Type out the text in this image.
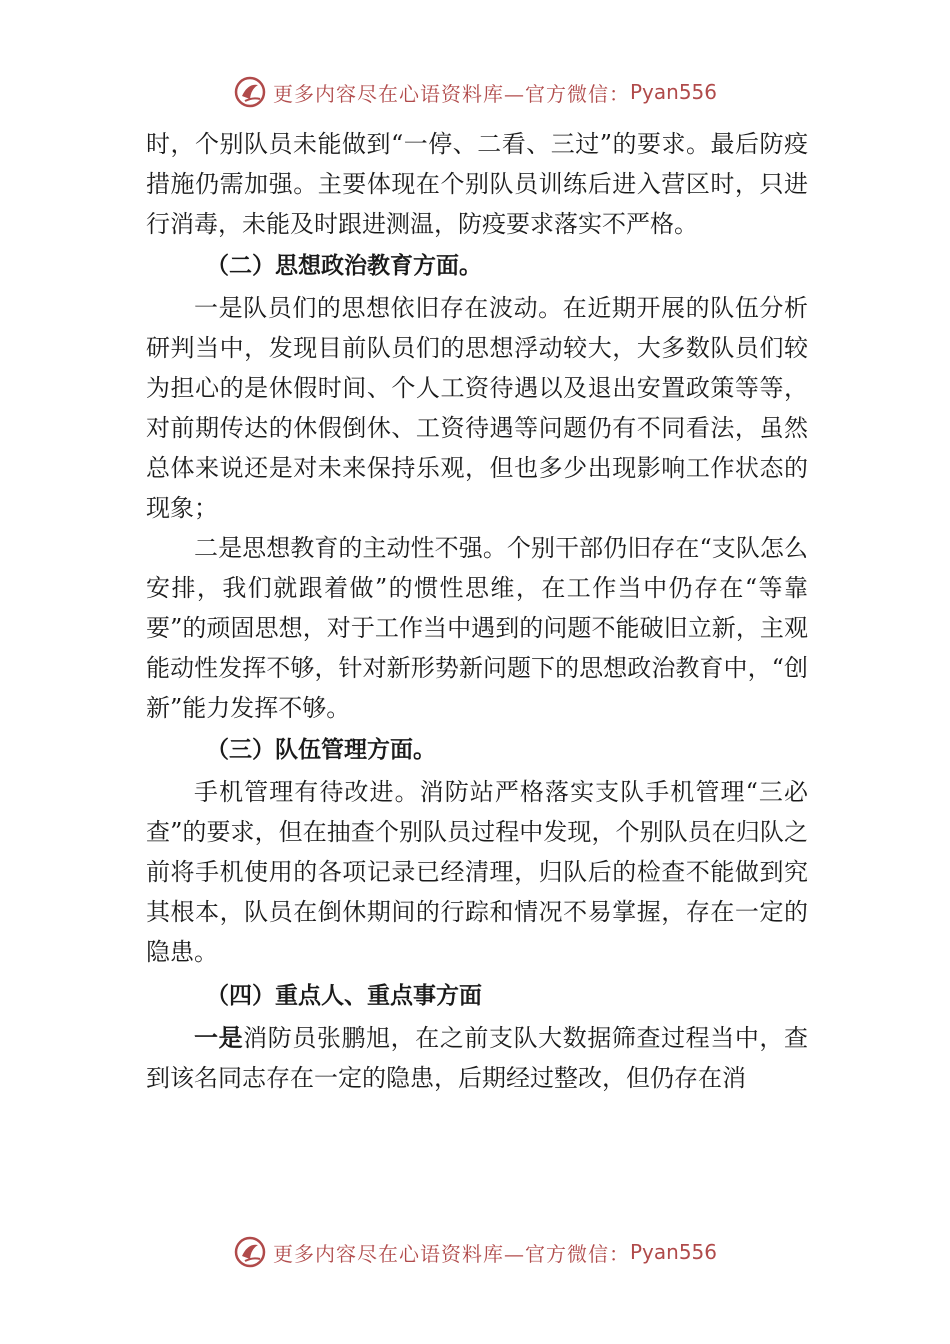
更多内容尽在心语资料库—官方微信： Pyan556

时，个别队员未能做到“一停、二看、三过”的要求。最后防疫措施仍需加强。主要体现在个别队员训练后进入营区时，只进行消毒，未能及时跟进测温，防疫要求落实不严格。

（二）思想政治教育方面。

一是队员们的思想依旧存在波动。在近期开展的队伍分析研判当中，发现目前队员们的思想浮动较大，大多数队员们较为担心的是休假时间、个人工资待遇以及退出安置政策等等，对前期传达的休假倒休、工资待遇等问题仍有不同看法，虽然总体来说还是对未来保持乐观，但也多少出现影响工作状态的现象；

二是思想教育的主动性不强。个别干部仍旧存在“支队怎么安排，我们就跟着做”的惯性思维，在工作当中仍存在“等靠要”的顽固思想，对于工作当中遇到的问题不能破旧立新，主观能动性发挥不够，针对新形势新问题下的思想政治教育中，“创新”能力发挥不够。

（三）队伍管理方面。

手机管理有待改进。消防站严格落实支队手机管理“三必查”的要求，但在抽查个别队员过程中发现，个别队员在归队之前将手机使用的各项记录已经清理，归队后的检查不能做到究其根本，队员在倒休期间的行踪和情况不易掌握，存在一定的隐患。

（四）重点人、重点事方面

一是消防员张鹏旭，在之前支队大数据筛查过程当中，查到该名同志存在一定的隐患，后期经过整改，但仍存在消

更多内容尽在心语资料库—官方微信： Pyan556
